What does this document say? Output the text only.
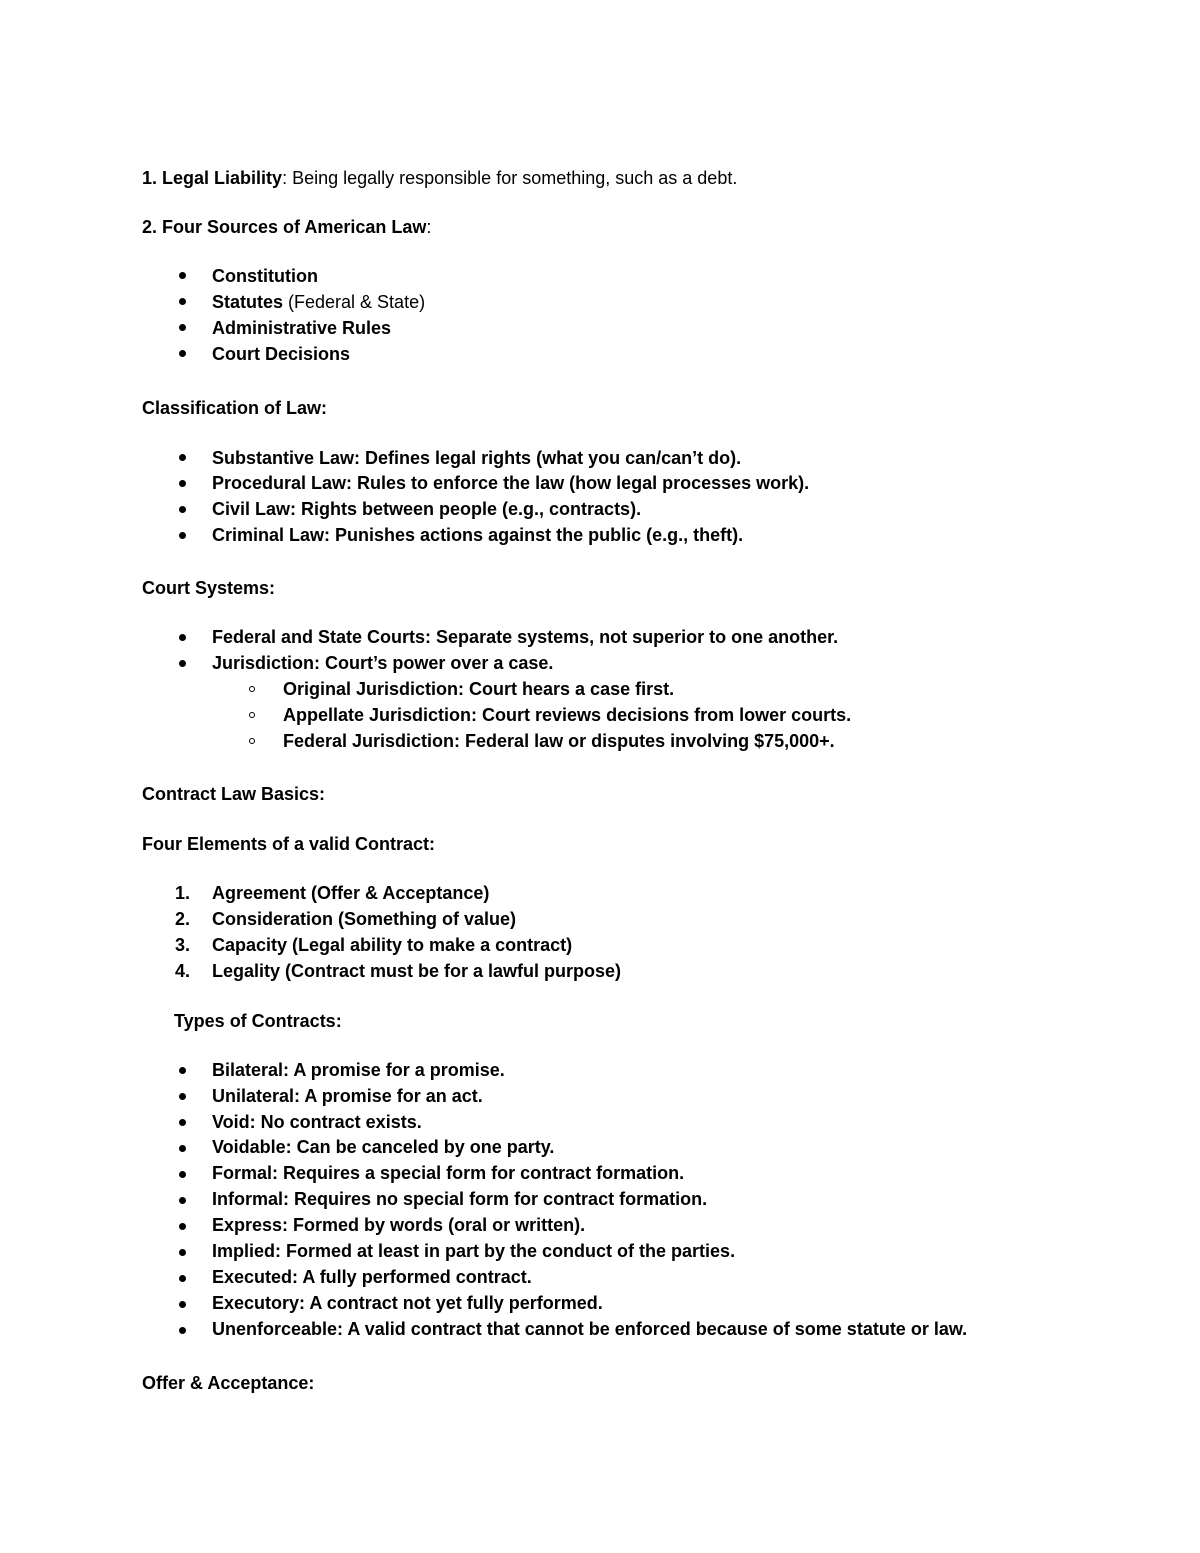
1. Legal Liability: Being legally responsible for something, such as a debt.
2. Four Sources of American Law:
Constitution
Statutes (Federal & State)
Administrative Rules
Court Decisions
Classification of Law:
Substantive Law: Defines legal rights (what you can/can’t do).
Procedural Law: Rules to enforce the law (how legal processes work).
Civil Law: Rights between people (e.g., contracts).
Criminal Law: Punishes actions against the public (e.g., theft).
Court Systems:
Federal and State Courts: Separate systems, not superior to one another.
Jurisdiction: Court’s power over a case.
Original Jurisdiction: Court hears a case first.
Appellate Jurisdiction: Court reviews decisions from lower courts.
Federal Jurisdiction: Federal law or disputes involving $75,000+.
Contract Law Basics:
Four Elements of a valid Contract:
1. Agreement (Offer & Acceptance)
2. Consideration (Something of value)
3. Capacity (Legal ability to make a contract)
4. Legality (Contract must be for a lawful purpose)
Types of Contracts:
Bilateral: A promise for a promise.
Unilateral: A promise for an act.
Void: No contract exists.
Voidable: Can be canceled by one party.
Formal: Requires a special form for contract formation.
Informal: Requires no special form for contract formation.
Express: Formed by words (oral or written).
Implied: Formed at least in part by the conduct of the parties.
Executed: A fully performed contract.
Executory: A contract not yet fully performed.
Unenforceable: A valid contract that cannot be enforced because of some statute or law.
Offer & Acceptance:
